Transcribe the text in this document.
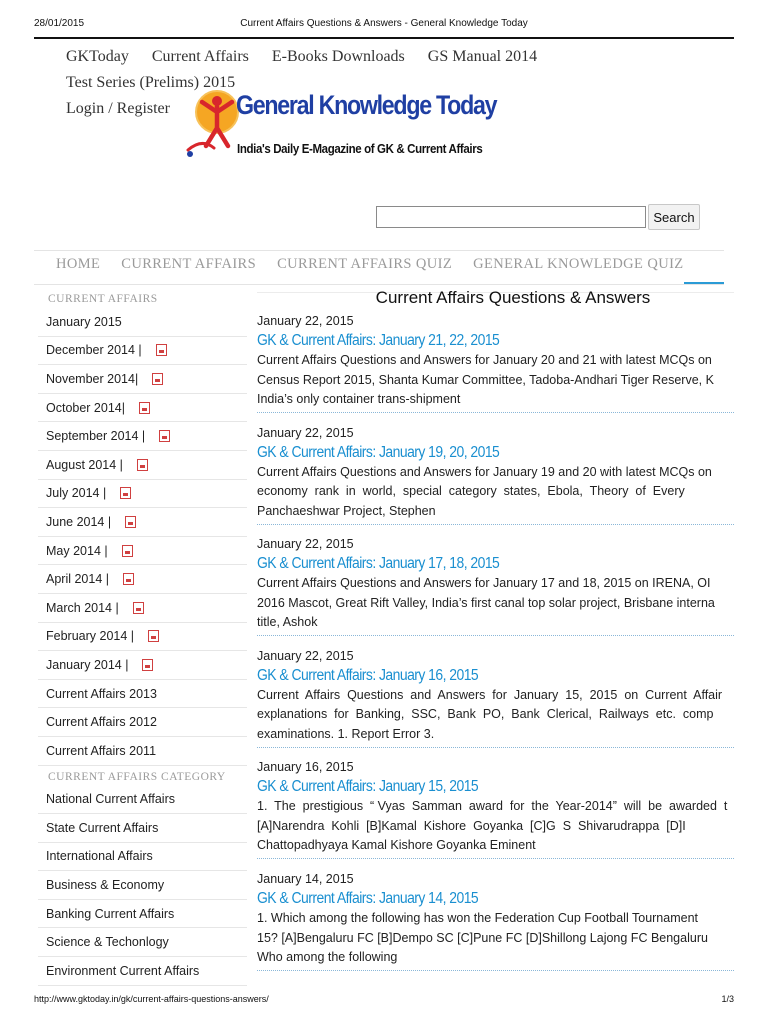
28/01/2015	Current Affairs Questions & Answers - General Knowledge Today
GKToday Current Affairs E-Books Downloads GS Manual 2014
Test Series (Prelims) 2015
Login / Register General Knowledge Today
India's Daily E-Magazine of GK & Current Affairs
Search
HOME CURRENT AFFAIRS CURRENT AFFAIRS QUIZ GENERAL KNOWLEDGE QUIZ
CURRENT AFFAIRS
January 2015
December 2014 |
November 2014|
October 2014|
September 2014 |
August 2014 |
July 2014 |
June 2014 |
May 2014 |
April 2014 |
March 2014 |
February 2014 |
January 2014 |
Current Affairs 2013
Current Affairs 2012
Current Affairs 2011
CURRENT AFFAIRS CATEGORY
National Current Affairs
State Current Affairs
International Affairs
Business & Economy
Banking Current Affairs
Science & Techonlogy
Environment Current Affairs
Current Affairs Questions & Answers
January 22, 2015
GK & Current Affairs: January 21, 22, 2015
Current Affairs Questions and Answers for January 20 and 21 with latest MCQs on
Census Report 2015, Shanta Kumar Committee, Tadoba-Andhari Tiger Reserve, K
India’s only container trans-shipment
January 22, 2015
GK & Current Affairs: January 19, 20, 2015
Current Affairs Questions and Answers for January 19 and 20 with latest MCQs on
economy  rank  in  world,  special  category  states,  Ebola,  Theory  of  Every
Panchaeshwar Project, Stephen
January 22, 2015
GK & Current Affairs: January 17, 18, 2015
Current Affairs Questions and Answers for January 17 and 18, 2015 on IRENA, OI
2016 Mascot, Great Rift Valley, India’s first canal top solar project, Brisbane interna
title, Ashok
January 22, 2015
GK & Current Affairs: January 16, 2015
Current  Affairs  Questions  and  Answers  for  January  15,  2015  on  Current  Affair
explanations  for  Banking,  SSC,  Bank  PO,  Bank  Clerical,  Railways  etc.  comp
examinations. 1. Report Error 3.
January 16, 2015
GK & Current Affairs: January 15, 2015
1.  The  prestigious  “ Vyas  Samman  award  for  the  Year-2014”  will  be  awarded  t
[A]Narendra  Kohli  [B]Kamal  Kishore  Goyanka  [C]G  S  Shivarudrappa  [D]I
Chattopadhyaya Kamal Kishore Goyanka Eminent
January 14, 2015
GK & Current Affairs: January 14, 2015
1. Which among the following has won the Federation Cup Football Tournament
15? [A]Bengaluru FC [B]Dempo SC [C]Pune FC [D]Shillong Lajong FC Bengaluru
Who among the following
http://www.gktoday.in/gk/current-affairs-questions-answers/	1/3
